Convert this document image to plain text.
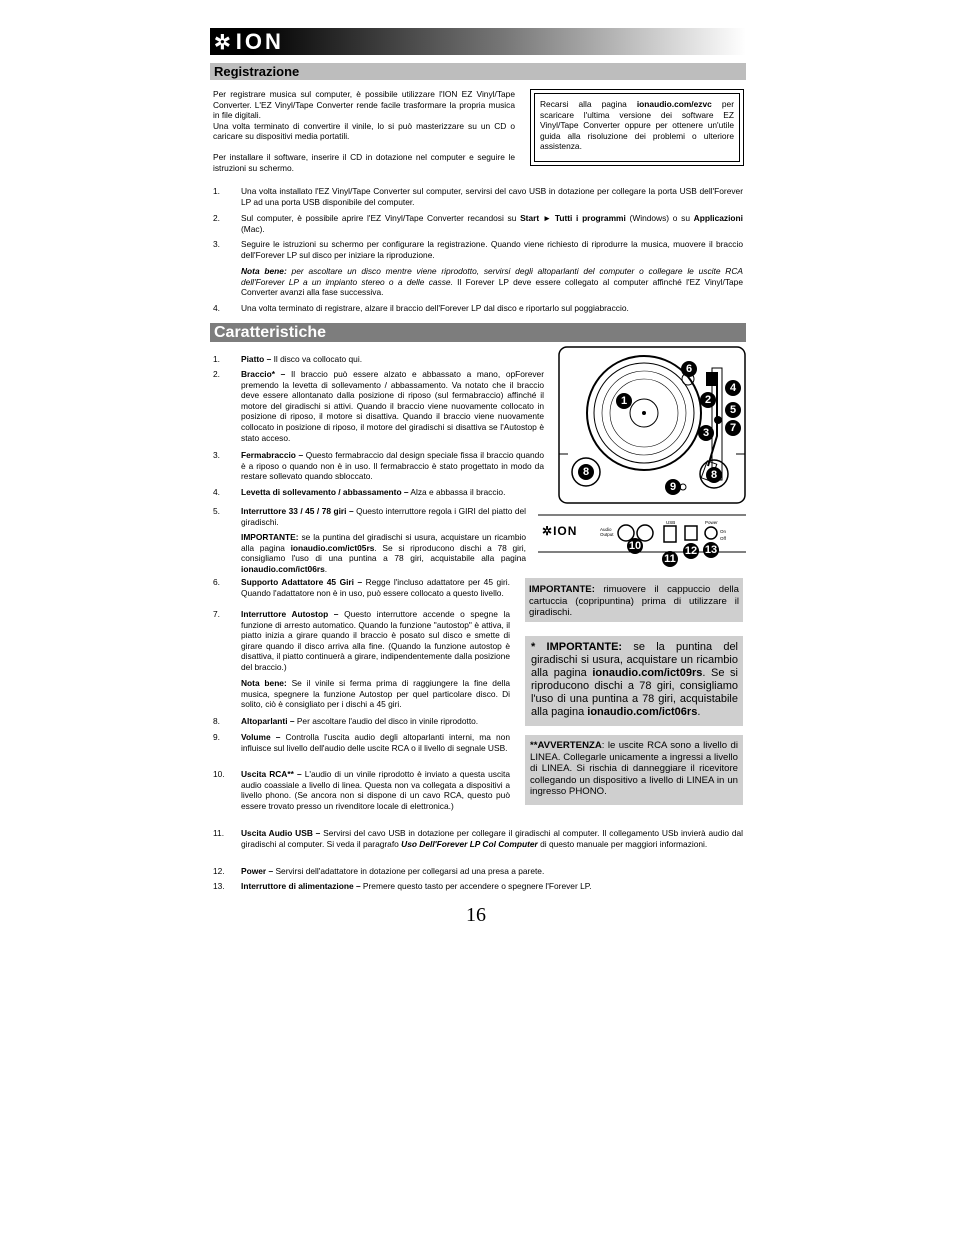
✲ION
Registrazione
Per registrare musica sul computer, è possibile utilizzare l'ION EZ Vinyl/Tape Converter. L'EZ Vinyl/Tape Converter rende facile trasformare la propria musica in file digitali.
Una volta terminato di convertire il vinile, lo si può masterizzare su un CD o caricare su dispositivi media portatili.
Per installare il software, inserire il CD in dotazione nel computer e seguire le istruzioni su schermo.
Recarsi alla pagina ionaudio.com/ezvc per scaricare l'ultima versione dei software EZ Vinyl/Tape Converter oppure per ottenere un'utile guida alla risoluzione dei problemi o ulteriore assistenza.
1.	Una volta installato l'EZ Vinyl/Tape Converter sul computer, servirsi del cavo USB in dotazione per collegare la porta USB dell'Forever LP ad una porta USB disponibile del computer.
2.	Sul computer, è possibile aprire l'EZ Vinyl/Tape Converter recandosi su Start ► Tutti i programmi (Windows) o su Applicazioni (Mac).
3.	Seguire le istruzioni su schermo per configurare la registrazione. Quando viene richiesto di riprodurre la musica, muovere il braccio dell'Forever LP sul disco per iniziare la riproduzione.
Nota bene: per ascoltare un disco mentre viene riprodotto, servirsi degli altoparlanti del computer o collegare le uscite RCA dell'Forever LP a un impianto stereo o a delle casse. Il Forever LP deve essere collegato al computer affinché l'EZ Vinyl/Tape Converter avanzi alla fase successiva.
4.	Una volta terminato di registrare, alzare il braccio dell'Forever LP dal disco e riportarlo sul poggiabraccio.
Caratteristiche
1.	Piatto – Il disco va collocato qui.
2.	Braccio* – Il braccio può essere alzato e abbassato a mano, opForever premendo la levetta di sollevamento / abbassamento. Va notato che il braccio deve essere allontanato dalla posizione di riposo (sul fermabraccio) affinché il motore del giradischi si attivi. Quando il braccio viene nuovamente collocato in posizione di riposo, il motore si disattiva. Quando il braccio viene nuovamente collocato in posizione di riposo, il motore del giradischi si disattiva se l'Autostop è stato acceso.
3.	Fermabraccio – Questo fermabraccio dal design speciale fissa il braccio quando è a riposo o quando non è in uso. Il fermabraccio è stato progettato in modo da restare sollevato quando sbloccato.
4.	Levetta di sollevamento / abbassamento – Alza e abbassa il braccio.
1	2
3
4
5
6
7
8	8
9
5.	Interruttore 33 / 45 / 78 giri – Questo interruttore regola i GIRI del piatto del giradischi.
IMPORTANTE: se la puntina del giradischi si usura, acquistare un ricambio alla pagina ionaudio.com/ict05rs. Se si riproducono dischi a 78 giri, consigliamo l'uso di una puntina a 78 giri, acquistabile alla pagina ionaudio.com/ict06rs.
✲ION	Audio Output
USB	Power
On
Off
10
11
12 13
6.	Supporto Adattatore 45 Giri – Regge l'incluso adattatore per 45 giri. Quando l'adattatore non è in uso, può essere collocato a questo livello.
7.	Interruttore Autostop – Questo interruttore accende o spegne la funzione di arresto automatico. Quando la funzione "autostop" è attiva, il piatto inizia a girare quando il braccio è posato sul disco e smette di girare quando il disco arriva alla fine. (Quando la funzione autostop è disattiva, il piatto continuerà a girare, indipendentemente dalla posizione del braccio.)
Nota bene: Se il vinile si ferma prima di raggiungere la fine della musica, spegnere la funzione Autostop per quel particolare disco. Di solito, ciò è consigliato per i dischi a 45 giri.
8.	Altoparlanti – Per ascoltare l'audio del disco in vinile riprodotto.
9.	Volume – Controlla l'uscita audio degli altoparlanti interni, ma non influisce sul livello dell'audio delle uscite RCA o il livello di segnale USB.
10. Uscita RCA** – L'audio di un vinile riprodotto è inviato a questa uscita audio coassiale a livello di linea. Questa non va collegata a dispositivi a livello phono. (Se ancora non si dispone di un cavo RCA, questo può essere trovato presso un rivenditore locale di elettronica.)
IMPORTANTE: rimuovere il cappuccio della cartuccia (copripuntina) prima di utilizzare il giradischi.
* IMPORTANTE: se la puntina del giradischi si usura, acquistare un ricambio alla pagina ionaudio.com/ict09rs. Se si riproducono dischi a 78 giri, consigliamo l'uso di una puntina a 78 giri, acquistabile alla pagina ionaudio.com/ict06rs.
**AVVERTENZA: le uscite RCA sono a livello di LINEA. Collegarle unicamente a ingressi a livello di LINEA. Si rischia di danneggiare il ricevitore collegando un dispositivo a livello di LINEA in un ingresso PHONO.
11. Uscita Audio USB – Servirsi del cavo USB in dotazione per collegare il giradischi al computer. Il collegamento USb invierà audio dal giradischi al computer. Si veda il paragrafo Uso Dell'Forever LP Col Computer di questo manuale per maggiori informazioni.
12. Power – Servirsi dell'adattatore in dotazione per collegarsi ad una presa a parete.
13. Interruttore di alimentazione – Premere questo tasto per accendere o spegnere l'Forever LP.
16
